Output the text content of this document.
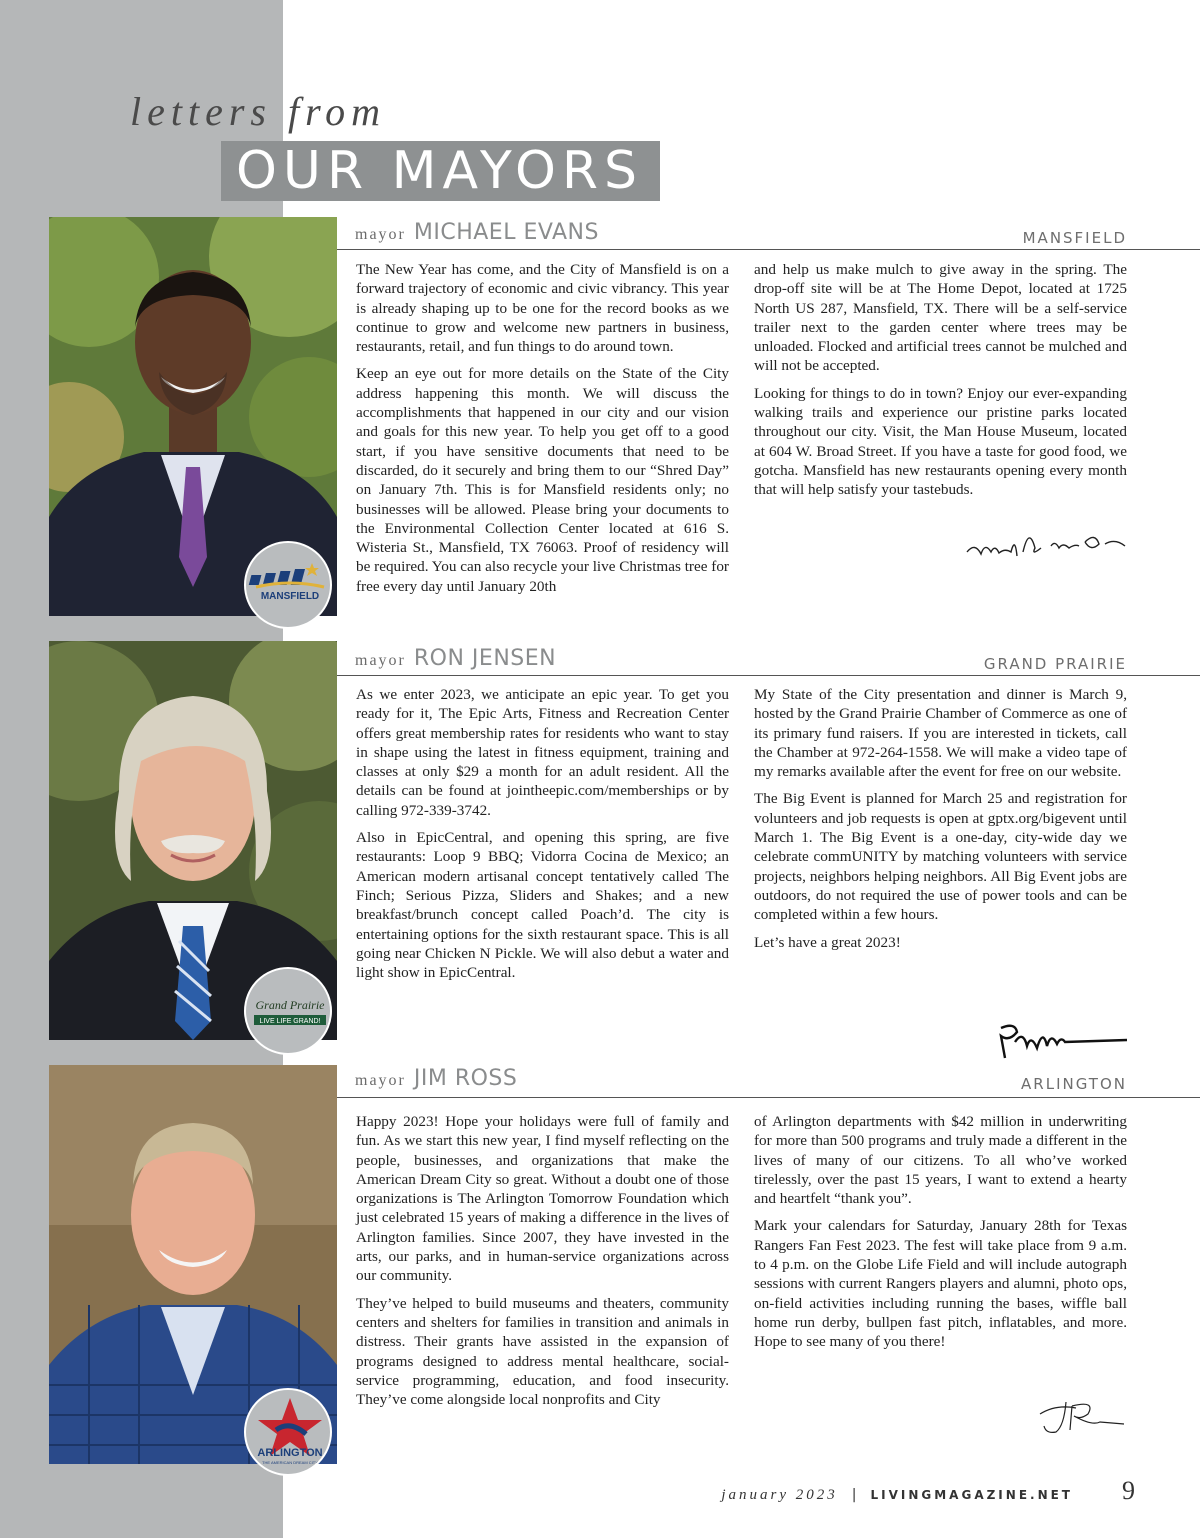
letters from
OUR MAYORS
MANSFIELD
mayor MICHAEL EVANS	MANSFIELD

The New Year has come, and the City of Mansfield is on a forward trajectory of economic and civic vibrancy. This year is already shaping up to be one for the record books as we continue to grow and welcome new partners in business, restaurants, retail, and fun things to do around town.

Keep an eye out for more details on the State of the City address happening this month. We will discuss the accomplishments that happened in our city and our vision and goals for this new year. To help you get off to a good start, if you have sensitive documents that need to be discarded, do it securely and bring them to our “Shred Day” on January 7th. This is for Mansfield residents only; no businesses will be allowed. Please bring your documents to the Environmental Collection Center located at 616 S. Wisteria St., Mansfield, TX 76063. Proof of residency will be required. You can also recycle your live Christmas tree for free every day until January 20th

and help us make mulch to give away in the spring. The drop-off site will be at The Home Depot, located at 1725 North US 287, Mansfield, TX. There will be a self-service trailer next to the garden center where trees may be unloaded. Flocked and artificial trees cannot be mulched and will not be accepted.

Looking for things to do in town? Enjoy our ever-expanding walking trails and experience our pristine parks located throughout our city. Visit, the Man House Museum, located at 604 W. Broad Street. If you have a taste for good food, we gotcha. Mansfield has new restaurants opening every month that will help satisfy your tastebuds.

Grand Prairie
LIVE LIFE GRAND!
mayor RON JENSEN	GRAND PRAIRIE

As we enter 2023, we anticipate an epic year. To get you ready for it, The Epic Arts, Fitness and Recreation Center offers great membership rates for residents who want to stay in shape using the latest in fitness equipment, training and classes at only $29 a month for an adult resident. All the details can be found at jointheepic.com/memberships or by calling 972-339-3742.

Also in EpicCentral, and opening this spring, are five restaurants: Loop 9 BBQ; Vidorra Cocina de Mexico; an American modern artisanal concept tentatively called The Finch; Serious Pizza, Sliders and Shakes; and a new breakfast/brunch concept called Poach’d. The city is entertaining options for the sixth restaurant space. This is all going near Chicken N Pickle. We will also debut a water and light show in EpicCentral.

My State of the City presentation and dinner is March 9, hosted by the Grand Prairie Chamber of Commerce as one of its primary fund raisers. If you are interested in tickets, call the Chamber at 972-264-1558. We will make a video tape of my remarks available after the event for free on our website.

The Big Event is planned for March 25 and registration for volunteers and job requests is open at gptx.org/bigevent until March 1. The Big Event is a one-day, city-wide day we celebrate commUNITY by matching volunteers with service projects, neighbors helping neighbors. All Big Event jobs are outdoors, do not required the use of power tools and can be completed within a few hours.

Let’s have a great 2023!

ARLINGTON
THE AMERICAN DREAM CITY
mayor JIM ROSS	ARLINGTON

Happy 2023! Hope your holidays were full of family and fun. As we start this new year, I find myself reflecting on the people, businesses, and organizations that make the American Dream City so great. Without a doubt one of those organizations is The Arlington Tomorrow Foundation which just celebrated 15 years of making a difference in the lives of Arlington families. Since 2007, they have invested in the arts, our parks, and in human-service organizations across our community.

They’ve helped to build museums and theaters, community centers and shelters for families in transition and animals in distress. Their grants have assisted in the expansion of programs designed to address mental healthcare, social-service programming, education, and food insecurity. They’ve come alongside local nonprofits and City

of Arlington departments with $42 million in underwriting for more than 500 programs and truly made a different in the lives of many of our citizens. To all who’ve worked tirelessly, over the past 15 years, I want to extend a hearty and heartfelt “thank you”.

Mark your calendars for Saturday, January 28th for Texas Rangers Fan Fest 2023. The fest will take place from 9 a.m. to 4 p.m. on the Globe Life Field and will include autograph sessions with current Rangers players and alumni, photo ops, on-field activities including running the bases, wiffle ball home run derby, bullpen fast pitch, inflatables, and more. Hope to see many of you there!

january 2023 | LIVINGMAGAZINE.NET 9
